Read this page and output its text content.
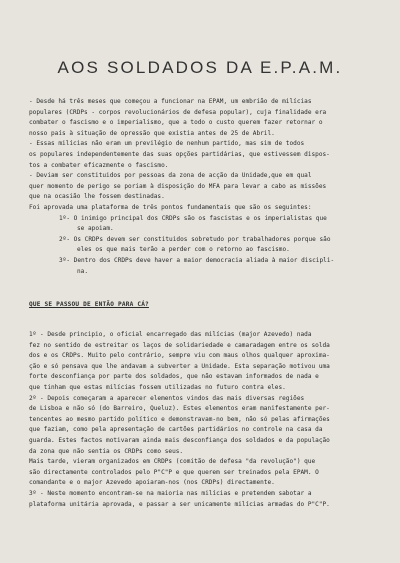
AOS SOLDADOS DA E.P.A.M.
- Desde há três meses que começou a funcionar na EPAM, um embrião de milícias
populares (CRDPs - corpos revolucionários de defesa popular), cuja finalidade era
combater o fascismo e o imperialismo, que a todo o custo querem fazer retornar o
nosso país à situação de opressão que existia antes de 25 de Abril.
- Essas milícias não eram um previlégio de nenhum partido, mas sim de todos
os populares independentemente das suas opções partidárias, que estivessem dispos-
tos a combater eficazmente o fascismo.
- Deviam ser constituidos por pessoas da zona de acção da Unidade,que em qual
quer momento de perigo se poriam à disposição do MFA para levar a cabo as missões
que na ocasião lhe fossem destinadas.
Foi aprovada uma plataforma de três pontos fundamentais que são os seguintes:
1º- O inimigo principal dos CRDPs são os fascistas e os imperialistas que
se apoiam.
2º- Os CRDPs devem ser constituidos sobretudo por trabalhadores porque são
eles os que mais terão a perder com o retorno ao fascismo.
3º- Dentro dos CRDPs deve haver a maior democracia aliada à maior discipli-
na.
QUE SE PASSOU DE ENTÃO PARA CÁ?
1º - Desde principio, o oficial encarregado das milícias (major Azevedo) nada
fez no sentido de estreitar os laços de solidariedade e camaradagem entre os solda
dos e os CRDPs. Muito pelo contrário, sempre viu com maus olhos qualquer aproxima-
ção e só pensava que lhe andavam a subverter a Unidade. Esta separação motivou uma
forte desconfiança por parte dos soldados, que não estavam informados de nada e
que tinham que estas milícias fossem utilizadas no futuro contra eles.
2º - Depois começaram a aparecer elementos vindos das mais diversas regiões
de Lisboa e não só (do Barreiro, Queluz). Estes elementos eram manifestamente per-
tencentes ao mesmo partido político e demonstravam-no bem, não só pelas afirmações
que faziam, como pela apresentação de cartões partidários no controle na casa da
guarda. Estes factos motivaram ainda mais desconfiança dos soldados e da população
da zona que não sentia os CRDPs como seus.
Mais tarde, vieram organizados em CRDPs (comitão de defesa "da revolução") que
são directamente controlados pelo P"C"P e que querem ser treinados pela EPAM. O
comandante e o major Azevedo apoiaram-nos (nos CRDPs) directamente.
3º - Neste momento encontram-se na maioria nas milícias e pretendem sabotar a
plataforma unitária aprovada, e passar a ser unicamente milícias armadas do P"C"P.
